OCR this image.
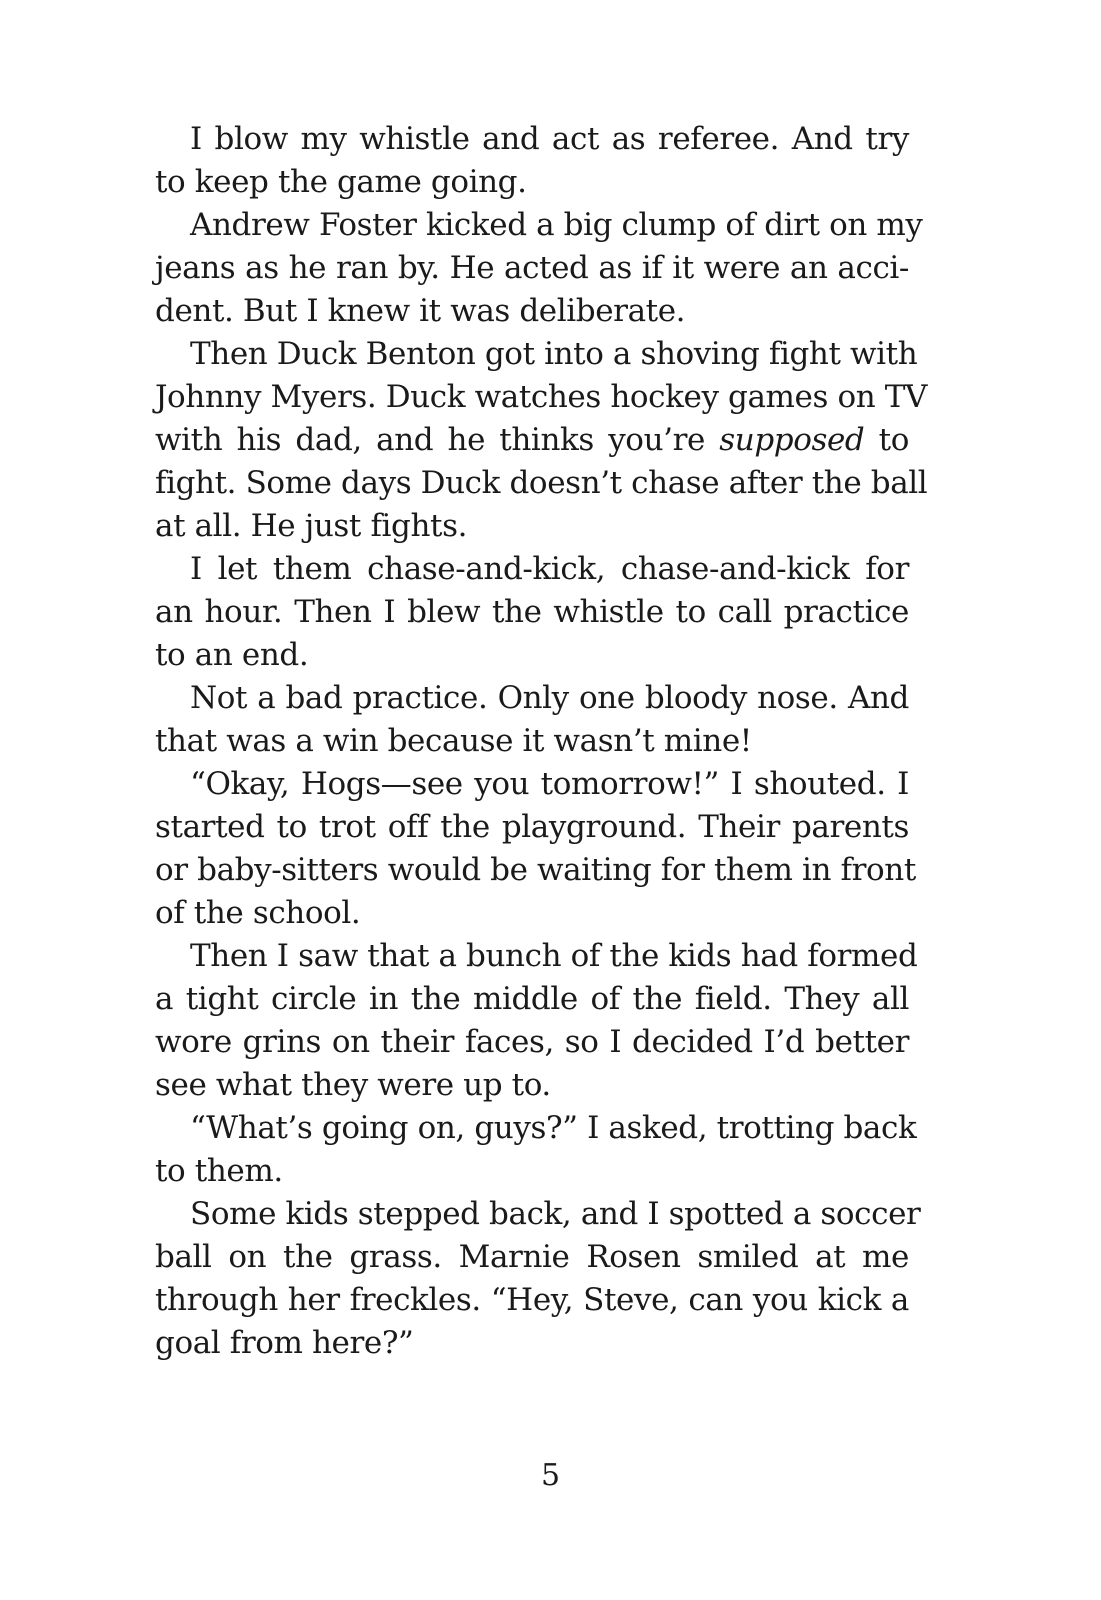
I blow my whistle and act as referee. And try
to keep the game going.
Andrew Foster kicked a big clump of dirt on my
jeans as he ran by. He acted as if it were an acci-
dent. But I knew it was deliberate.
Then Duck Benton got into a shoving fight with
Johnny Myers. Duck watches hockey games on TV
with his dad, and he thinks you’re supposed to
fight. Some days Duck doesn’t chase after the ball
at all. He just fights.
I let them chase-and-kick, chase-and-kick for
an hour. Then I blew the whistle to call practice
to an end.
Not a bad practice. Only one bloody nose. And
that was a win because it wasn’t mine!
“Okay, Hogs—see you tomorrow!” I shouted. I
started to trot off the playground. Their parents
or baby-sitters would be waiting for them in front
of the school.
Then I saw that a bunch of the kids had formed
a tight circle in the middle of the field. They all
wore grins on their faces, so I decided I’d better
see what they were up to.
“What’s going on, guys?” I asked, trotting back
to them.
Some kids stepped back, and I spotted a soccer
ball on the grass. Marnie Rosen smiled at me
through her freckles. “Hey, Steve, can you kick a
goal from here?”
5
